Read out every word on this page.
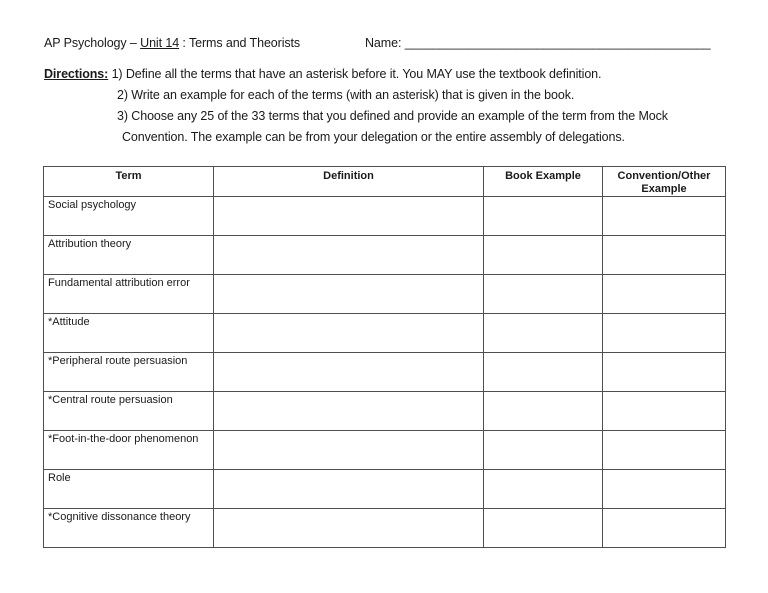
AP Psychology – Unit 14 : Terms and Theorists	Name: ____________________________________________
Directions: 1) Define all the terms that have an asterisk before it. You MAY use the textbook definition.
2) Write an example for each of the terms (with an asterisk) that is given in the book.
3) Choose any 25 of the 33 terms that you defined and provide an example of the term from the Mock
Convention. The example can be from your delegation or the entire assembly of delegations.
Term	Definition	Book Example	Convention/Other Example
Social psychology			
Attribution theory			
Fundamental attribution error			
*Attitude			
*Peripheral route persuasion			
*Central route persuasion			
*Foot-in-the-door phenomenon			
Role			
*Cognitive dissonance theory			
